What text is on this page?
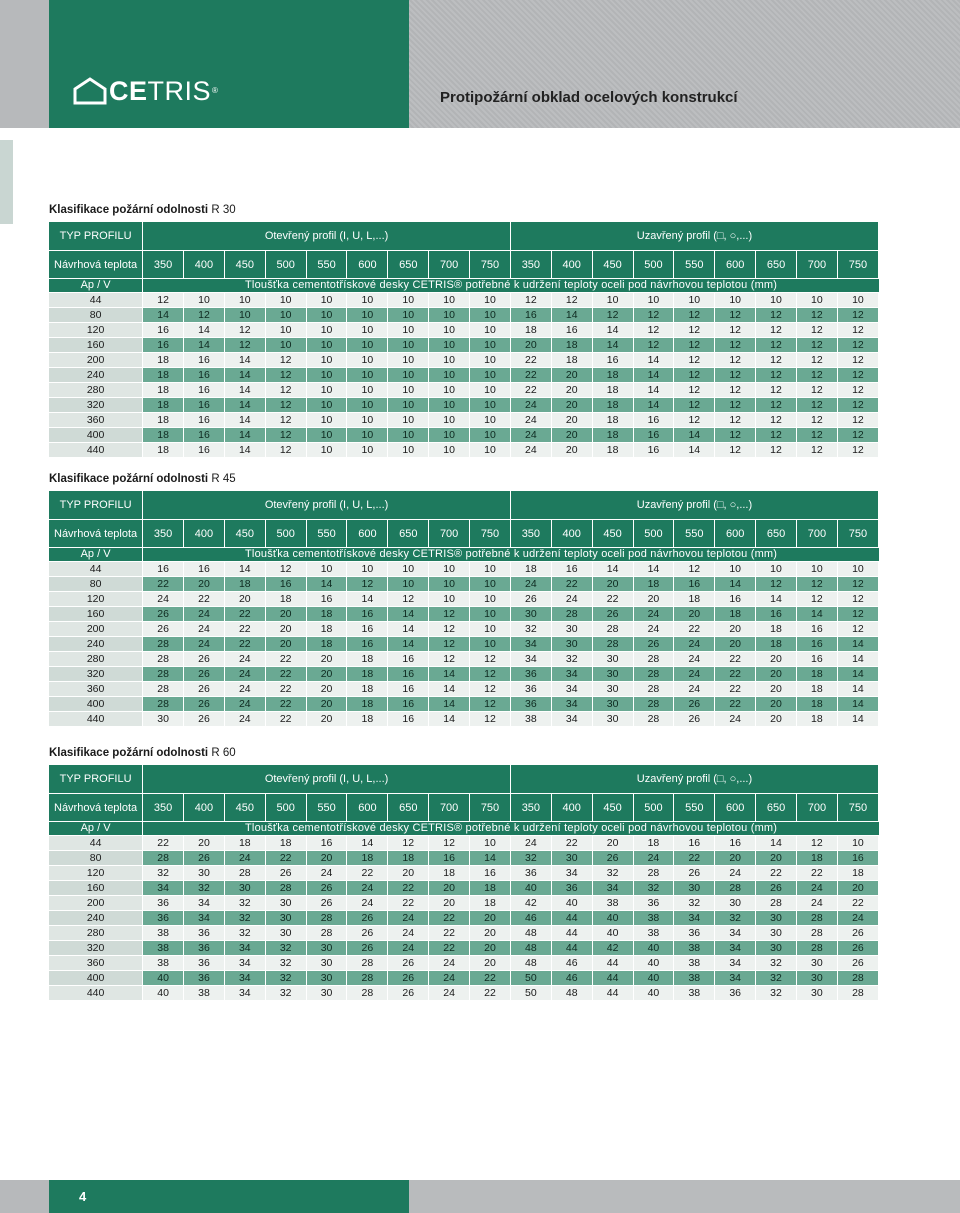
CETRIS®	Protipožární obklad ocelových konstrukcí
Klasifikace požární odolnosti R 30
TYP PROFILU	Otevřený profil (I, U, L,...)									Uzavřený profil (□, ○,...)								
Návrhová teplota	350	400	450	500	550	600	650	700	750		350	400	450	500	550	600	650	700	750
Ap / V	Tloušťka cementotřískové desky CETRIS® potřebné k udržení teploty oceli pod návrhovou teplotou (mm)																	
44	12	10	10	10	10	10	10	10	10		12	12	10	10	10	10	10	10	10
80	14	12	10	10	10	10	10	10	10		16	14	12	12	12	12	12	12	12
120	16	14	12	10	10	10	10	10	10		18	16	14	12	12	12	12	12	12
160	16	14	12	10	10	10	10	10	10		20	18	14	12	12	12	12	12	12
200	18	16	14	12	10	10	10	10	10		22	18	16	14	12	12	12	12	12
240	18	16	14	12	10	10	10	10	10		22	20	18	14	12	12	12	12	12
280	18	16	14	12	10	10	10	10	10		22	20	18	14	12	12	12	12	12
320	18	16	14	12	10	10	10	10	10		24	20	18	14	12	12	12	12	12
360	18	16	14	12	10	10	10	10	10		24	20	18	16	12	12	12	12	12
400	18	16	14	12	10	10	10	10	10		24	20	18	16	14	12	12	12	12
440	18	16	14	12	10	10	10	10	10		24	20	18	16	14	12	12	12	12
Klasifikace požární odolnosti R 45
TYP PROFILU	Otevřený profil (I, U, L,...)									Uzavřený profil (□, ○,...)								
Návrhová teplota	350	400	450	500	550	600	650	700	750		350	400	450	500	550	600	650	700	750
Ap / V	Tloušťka cementotřískové desky CETRIS® potřebné k udržení teploty oceli pod návrhovou teplotou (mm)																	
44	16	16	14	12	10	10	10	10	10		18	16	14	14	12	10	10	10	10
80	22	20	18	16	14	12	10	10	10		24	22	20	18	16	14	12	12	12
120	24	22	20	18	16	14	12	10	10		26	24	22	20	18	16	14	12	12
160	26	24	22	20	18	16	14	12	10		30	28	26	24	20	18	16	14	12
200	26	24	22	20	18	16	14	12	10		32	30	28	24	22	20	18	16	12
240	28	24	22	20	18	16	14	12	10		34	30	28	26	24	20	18	16	14
280	28	26	24	22	20	18	16	12	12		34	32	30	28	24	22	20	16	14
320	28	26	24	22	20	18	16	14	12		36	34	30	28	24	22	20	18	14
360	28	26	24	22	20	18	16	14	12		36	34	30	28	24	22	20	18	14
400	28	26	24	22	20	18	16	14	12		36	34	30	28	26	22	20	18	14
440	30	26	24	22	20	18	16	14	12		38	34	30	28	26	24	20	18	14
Klasifikace požární odolnosti R 60
TYP PROFILU	Otevřený profil (I, U, L,...)									Uzavřený profil (□, ○,...)								
Návrhová teplota	350	400	450	500	550	600	650	700	750		350	400	450	500	550	600	650	700	750
Ap / V	Tloušťka cementotřískové desky CETRIS® potřebné k udržení teploty oceli pod návrhovou teplotou (mm)																	
44	22	20	18	18	16	14	12	12	10		24	22	20	18	16	16	14	12	10
80	28	26	24	22	20	18	18	16	14		32	30	26	24	22	20	20	18	16
120	32	30	28	26	24	22	20	18	16		36	34	32	28	26	24	22	22	18
160	34	32	30	28	26	24	22	20	18		40	36	34	32	30	28	26	24	20
200	36	34	32	30	26	24	22	20	18		42	40	38	36	32	30	28	24	22
240	36	34	32	30	28	26	24	22	20		46	44	40	38	34	32	30	28	24
280	38	36	32	30	28	26	24	22	20		48	44	40	38	36	34	30	28	26
320	38	36	34	32	30	26	24	22	20		48	44	42	40	38	34	30	28	26
360	38	36	34	32	30	28	26	24	20		48	46	44	40	38	34	32	30	26
400	40	36	34	32	30	28	26	24	22		50	46	44	40	38	34	32	30	28
440	40	38	34	32	30	28	26	24	22		50	48	44	40	38	36	32	30	28
4
